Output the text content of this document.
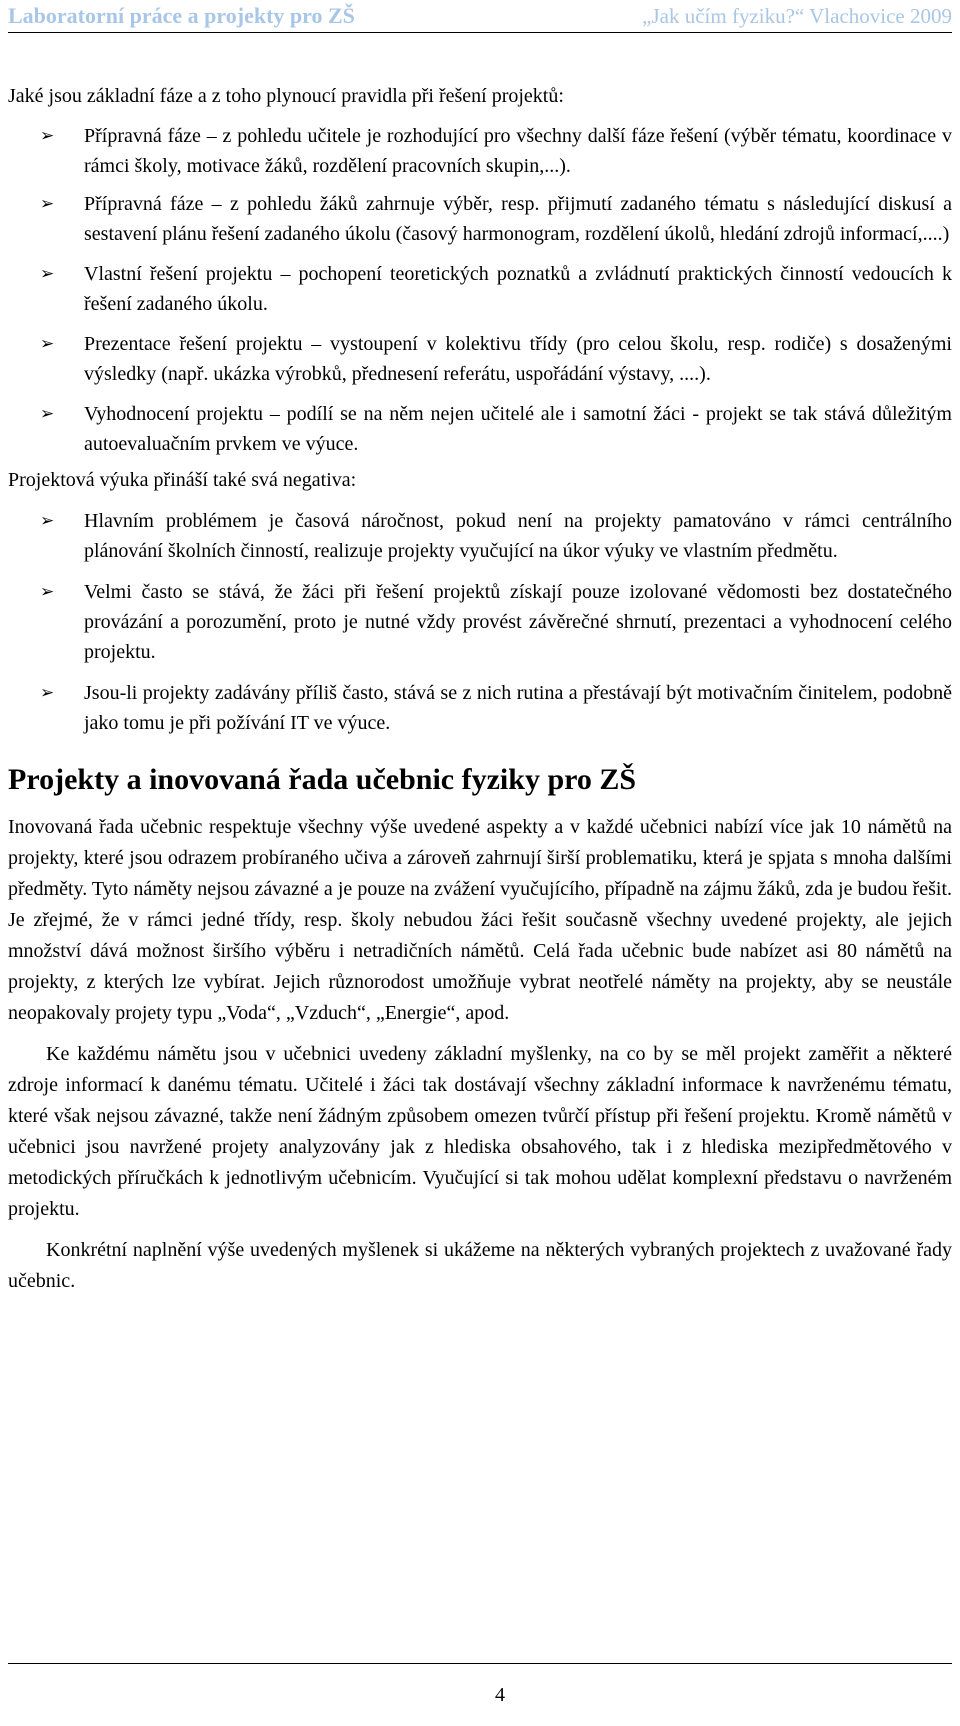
Laboratorní práce a projekty pro ZŠ	„Jak učím fyziku?“ Vlachovice 2009

Jaké jsou základní fáze a z toho plynoucí pravidla při řešení projektů:

➢ Přípravná fáze – z pohledu učitele je rozhodující pro všechny další fáze řešení (výběr tématu, koordinace v rámci školy, motivace žáků, rozdělení pracovních skupin,...).
➢ Přípravná fáze – z pohledu žáků zahrnuje výběr, resp. přijmutí zadaného tématu s následující diskusí a sestavení plánu řešení zadaného úkolu (časový harmonogram, rozdělení úkolů, hledání zdrojů informací,....)
➢ Vlastní řešení projektu – pochopení teoretických poznatků a zvládnutí praktických činností vedoucích k řešení zadaného úkolu.
➢ Prezentace řešení projektu – vystoupení v kolektivu třídy (pro celou školu, resp. rodiče) s dosaženými výsledky (např. ukázka výrobků, přednesení referátu, uspořádání výstavy, ....).
➢ Vyhodnocení projektu – podílí se na něm nejen učitelé ale i samotní žáci - projekt se tak stává důležitým autoevaluačním prvkem ve výuce.

Projektová výuka přináší také svá negativa:

➢ Hlavním problémem je časová náročnost, pokud není na projekty pamatováno v rámci centrálního plánování školních činností, realizuje projekty vyučující na úkor výuky ve vlastním předmětu.
➢ Velmi často se stává, že žáci při řešení projektů získají pouze izolované vědomosti bez dostatečného provázání a porozumění, proto je nutné vždy provést závěrečné shrnutí, prezentaci a vyhodnocení celého projektu.
➢ Jsou-li projekty zadávány příliš často, stává se z nich rutina a přestávají být motivačním činitelem, podobně jako tomu je při požívání IT ve výuce.
Projekty a inovovaná řada učebnic fyziky pro ZŠ

Inovovaná řada učebnic respektuje všechny výše uvedené aspekty a v každé učebnici nabízí více jak 10 námětů na projekty, které jsou odrazem probíraného učiva a zároveň zahrnují širší problematiku, která je spjata s mnoha dalšími předměty. Tyto náměty nejsou závazné a je pouze na zvážení vyučujícího, případně na zájmu žáků, zda je budou řešit. Je zřejmé, že v rámci jedné třídy, resp. školy nebudou žáci řešit současně všechny uvedené projekty, ale jejich množství dává možnost širšího výběru i netradičních námětů. Celá řada učebnic bude nabízet asi 80 námětů na projekty, z kterých lze vybírat. Jejich různorodost umožňuje vybrat neotřelé náměty na projekty, aby se neustále neopakovaly projety typu „Voda“, „Vzduch“, „Energie“, apod.

Ke každému námětu jsou v učebnici uvedeny základní myšlenky, na co by se měl projekt zaměřit a některé zdroje informací k danému tématu. Učitelé i žáci tak dostávají všechny základní informace k navrženému tématu, které však nejsou závazné, takže není žádným způsobem omezen tvůrčí přístup při řešení projektu. Kromě námětů v učebnici jsou navržené projety analyzovány jak z hlediska obsahového, tak i z hlediska mezipředmětového v metodických příručkách k jednotlivým učebnicím. Vyučující si tak mohou udělat komplexní představu o navrženém projektu.

Konkrétní naplnění výše uvedených myšlenek si ukážeme na některých vybraných projektech z uvažované řady učebnic.

4
